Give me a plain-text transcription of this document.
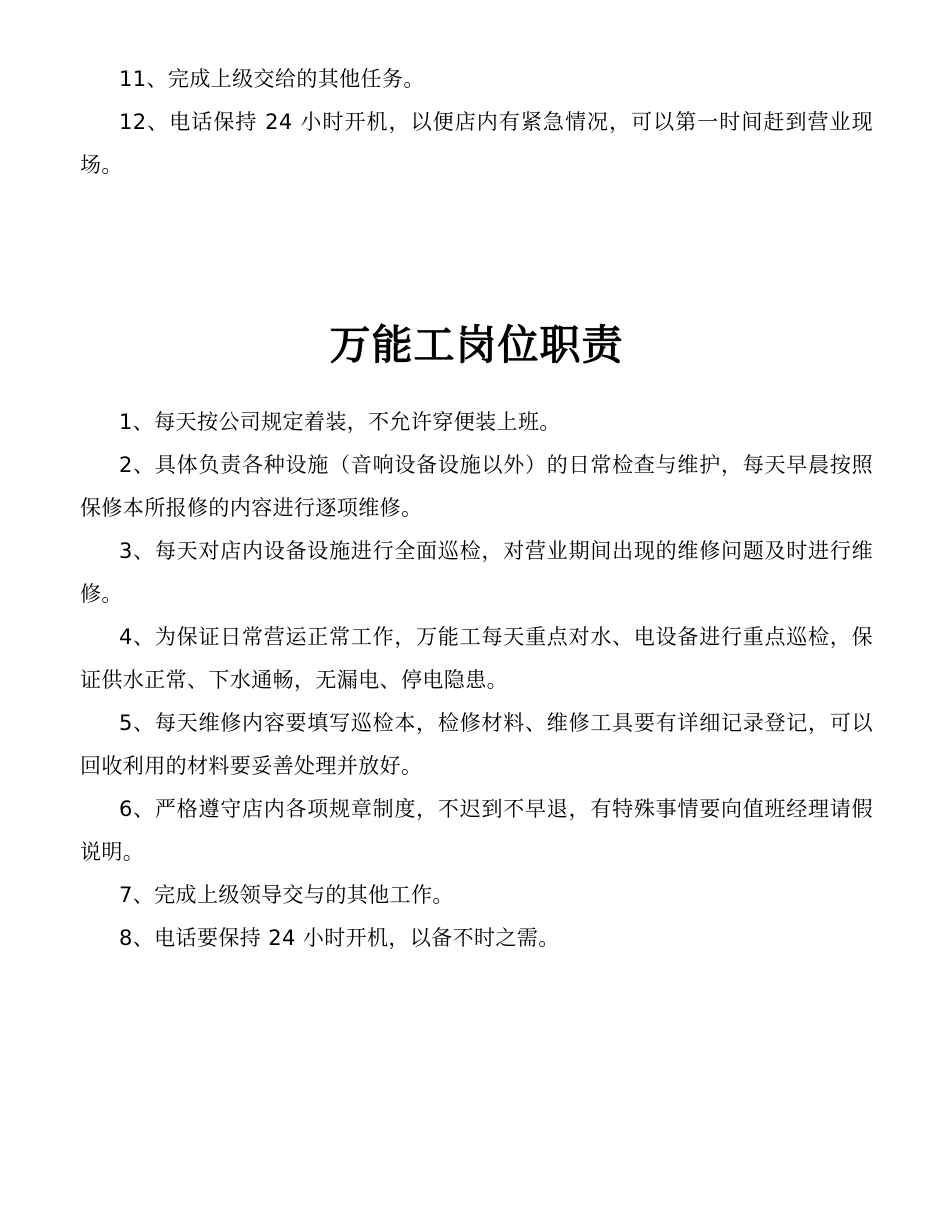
11、完成上级交给的其他任务。

12、电话保持 24 小时开机，以便店内有紧急情况，可以第一时间赶到营业现场。

万能工岗位职责

1、每天按公司规定着装，不允许穿便装上班。

2、具体负责各种设施（音响设备设施以外）的日常检查与维护，每天早晨按照保修本所报修的内容进行逐项维修。

3、每天对店内设备设施进行全面巡检，对营业期间出现的维修问题及时进行维修。

4、为保证日常营运正常工作，万能工每天重点对水、电设备进行重点巡检，保证供水正常、下水通畅，无漏电、停电隐患。

5、每天维修内容要填写巡检本，检修材料、维修工具要有详细记录登记，可以回收利用的材料要妥善处理并放好。

6、严格遵守店内各项规章制度，不迟到不早退，有特殊事情要向值班经理请假说明。

7、完成上级领导交与的其他工作。

8、电话要保持 24 小时开机，以备不时之需。
